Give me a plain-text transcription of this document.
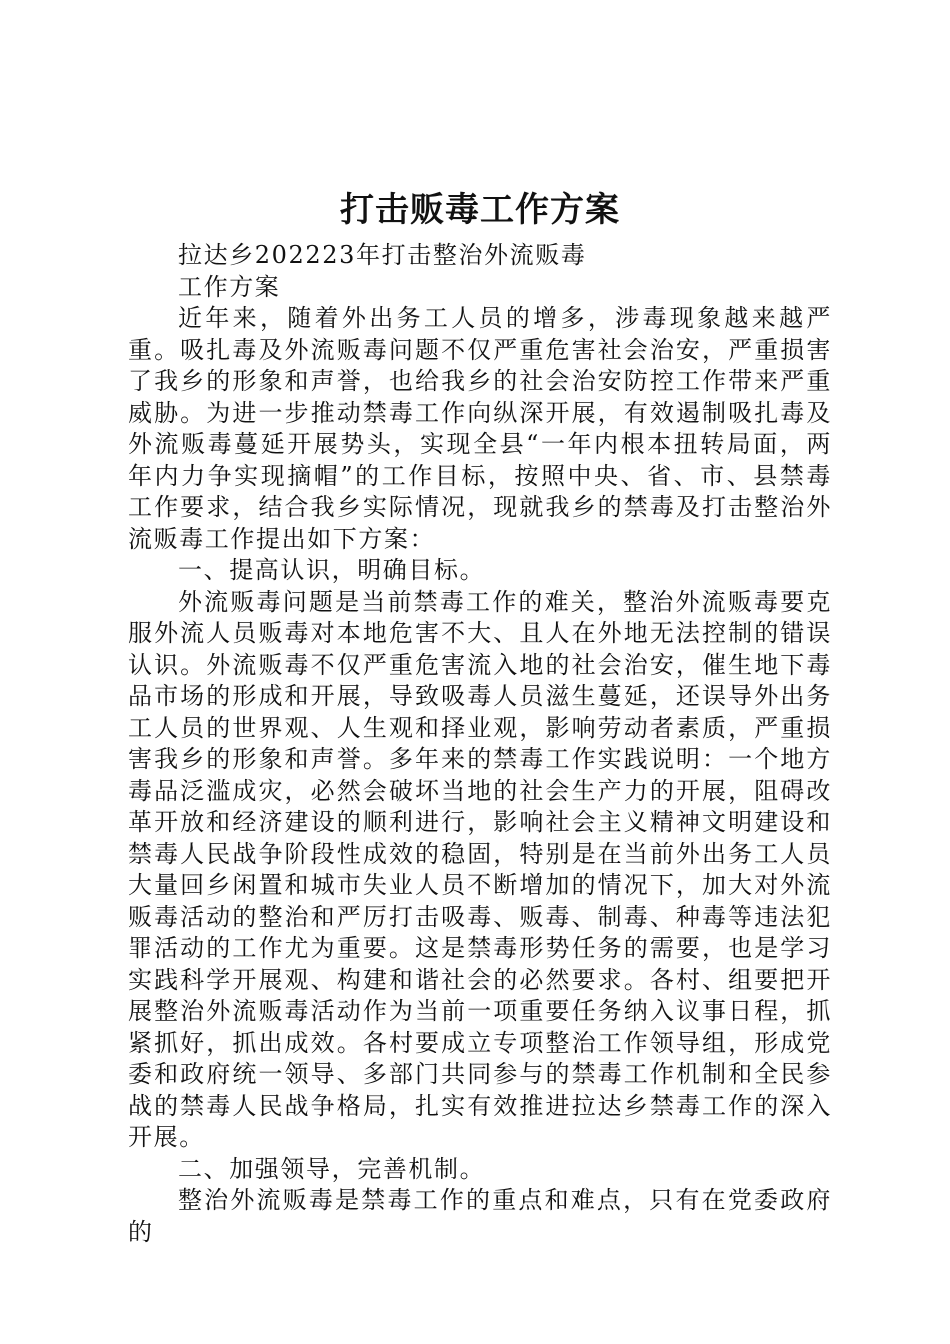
打击贩毒工作方案

拉达乡202223年打击整治外流贩毒

工作方案

近年来，随着外出务工人员的增多，涉毒现象越来越严重。吸扎毒及外流贩毒问题不仅严重危害社会治安，严重损害了我乡的形象和声誉，也给我乡的社会治安防控工作带来严重威胁。为进一步推动禁毒工作向纵深开展，有效遏制吸扎毒及外流贩毒蔓延开展势头，实现全县“一年内根本扭转局面，两年内力争实现摘帽”的工作目标，按照中央、省、市、县禁毒工作要求，结合我乡实际情况，现就我乡的禁毒及打击整治外流贩毒工作提出如下方案：

一、提高认识，明确目标。

外流贩毒问题是当前禁毒工作的难关，整治外流贩毒要克服外流人员贩毒对本地危害不大、且人在外地无法控制的错误认识。外流贩毒不仅严重危害流入地的社会治安，催生地下毒品市场的形成和开展，导致吸毒人员滋生蔓延，还误导外出务工人员的世界观、人生观和择业观，影响劳动者素质，严重损害我乡的形象和声誉。多年来的禁毒工作实践说明：一个地方毒品泛滥成灾，必然会破坏当地的社会生产力的开展，阻碍改革开放和经济建设的顺利进行，影响社会主义精神文明建设和禁毒人民战争阶段性成效的稳固，特别是在当前外出务工人员大量回乡闲置和城市失业人员不断增加的情况下，加大对外流贩毒活动的整治和严厉打击吸毒、贩毒、制毒、种毒等违法犯罪活动的工作尤为重要。这是禁毒形势任务的需要，也是学习实践科学开展观、构建和谐社会的必然要求。各村、组要把开展整治外流贩毒活动作为当前一项重要任务纳入议事日程，抓紧抓好，抓出成效。各村要成立专项整治工作领导组，形成党委和政府统一领导、多部门共同参与的禁毒工作机制和全民参战的禁毒人民战争格局，扎实有效推进拉达乡禁毒工作的深入开展。

二、加强领导，完善机制。

整治外流贩毒是禁毒工作的重点和难点，只有在党委政府的
